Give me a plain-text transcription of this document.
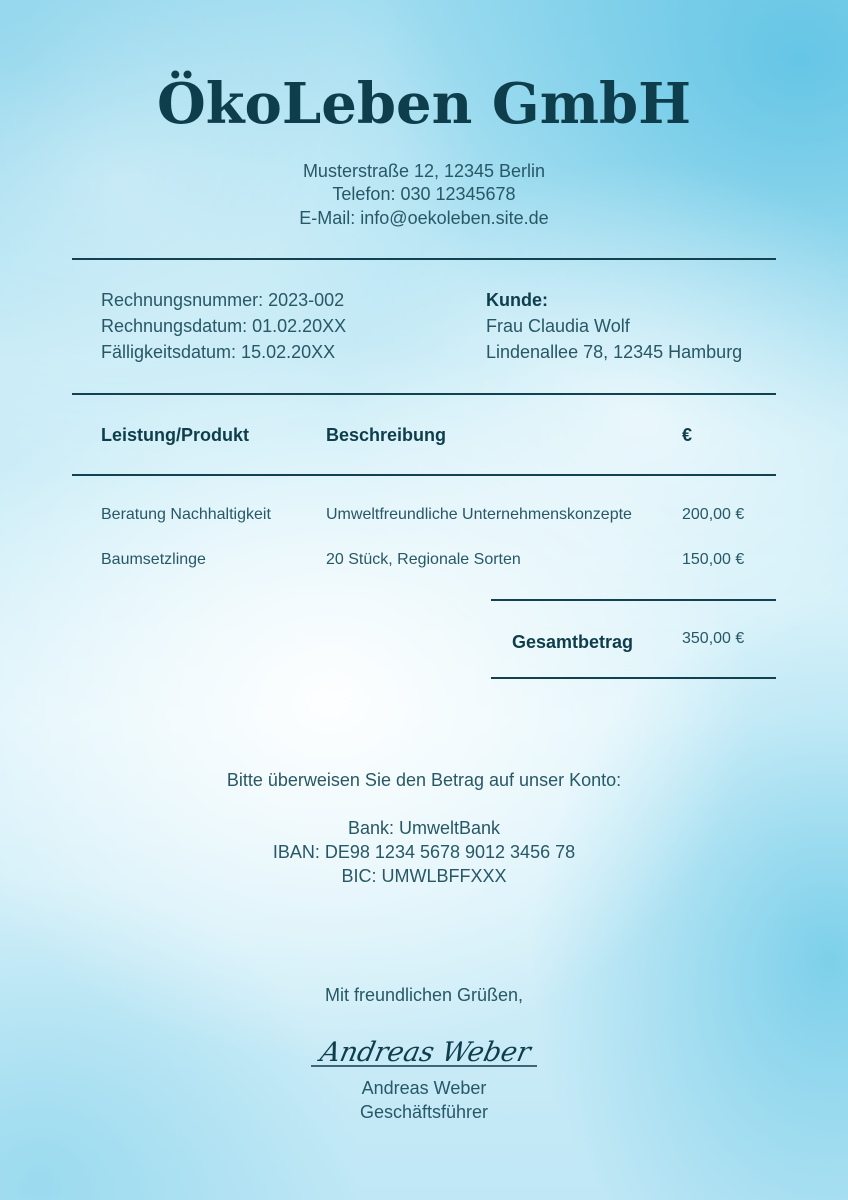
ÖkoLeben GmbH
Musterstraße 12, 12345 Berlin
Telefon: 030 12345678
E-Mail: info@oekoleben.site.de
Rechnungsnummer: 2023-002
Rechnungsdatum: 01.02.20XX
Fälligkeitsdatum: 15.02.20XX
Kunde:
Frau Claudia Wolf
Lindenallee 78, 12345 Hamburg
Leistung/Produkt	Beschreibung	€
Beratung Nachhaltigkeit	Umweltfreundliche Unternehmenskonzepte	200,00 €
Baumsetzlinge	20 Stück, Regionale Sorten	150,00 €
Gesamtbetrag	350,00 €
Bitte überweisen Sie den Betrag auf unser Konto:
Bank: UmweltBank
IBAN: DE98 1234 5678 9012 3456 78
BIC: UMWLBFFXXX
Mit freundlichen Grüßen,
Andreas Weber
Andreas Weber
Geschäftsführer
